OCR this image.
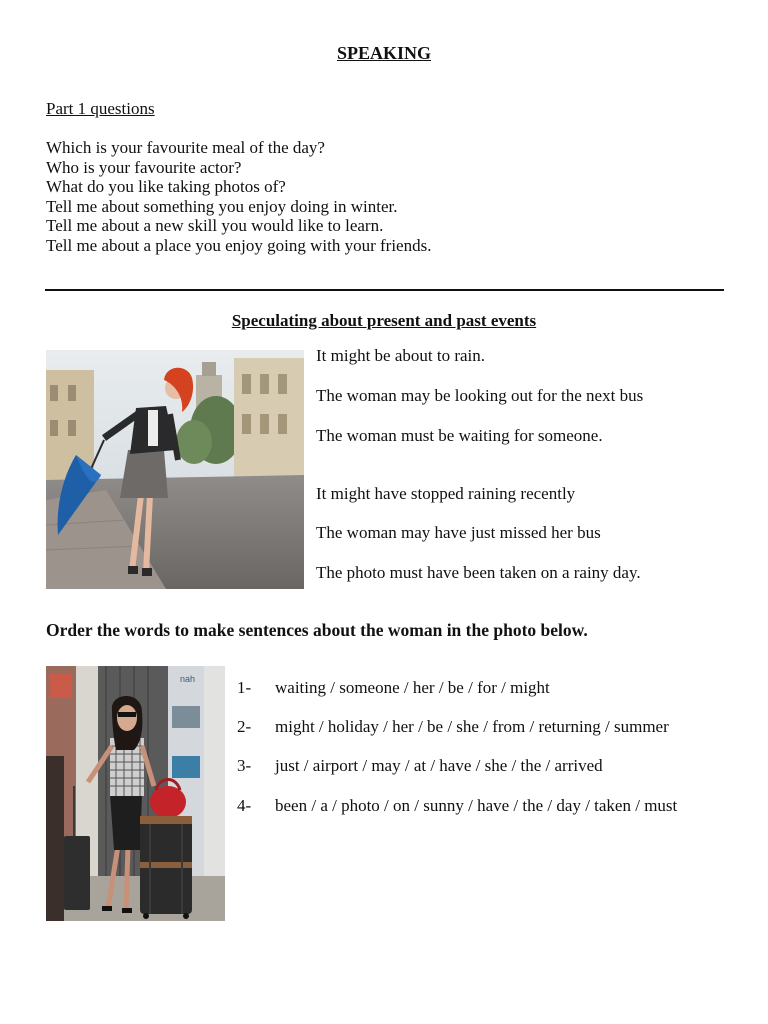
SPEAKING
Part 1 questions
Which is your favourite meal of the day?
Who is your favourite actor?
What do you like taking photos of?
Tell me about something you enjoy doing in winter.
Tell me about a new skill you would like to learn.
Tell me about a place you enjoy going with your friends.
Speculating about present and past events
It might be about to rain.
The woman may be looking out for the next bus
The woman must be waiting for someone.
It might have stopped raining recently
The woman may have just missed her bus
The photo must have been taken on a rainy day.
Order the words to make sentences about the woman in the photo below.
nah 1- waiting / someone / her / be / for / might
2- might / holiday / her / be / she / from / returning / summer
3- just / airport / may / at / have / she / the / arrived
4- been / a / photo / on / sunny / have / the / day / taken / must
